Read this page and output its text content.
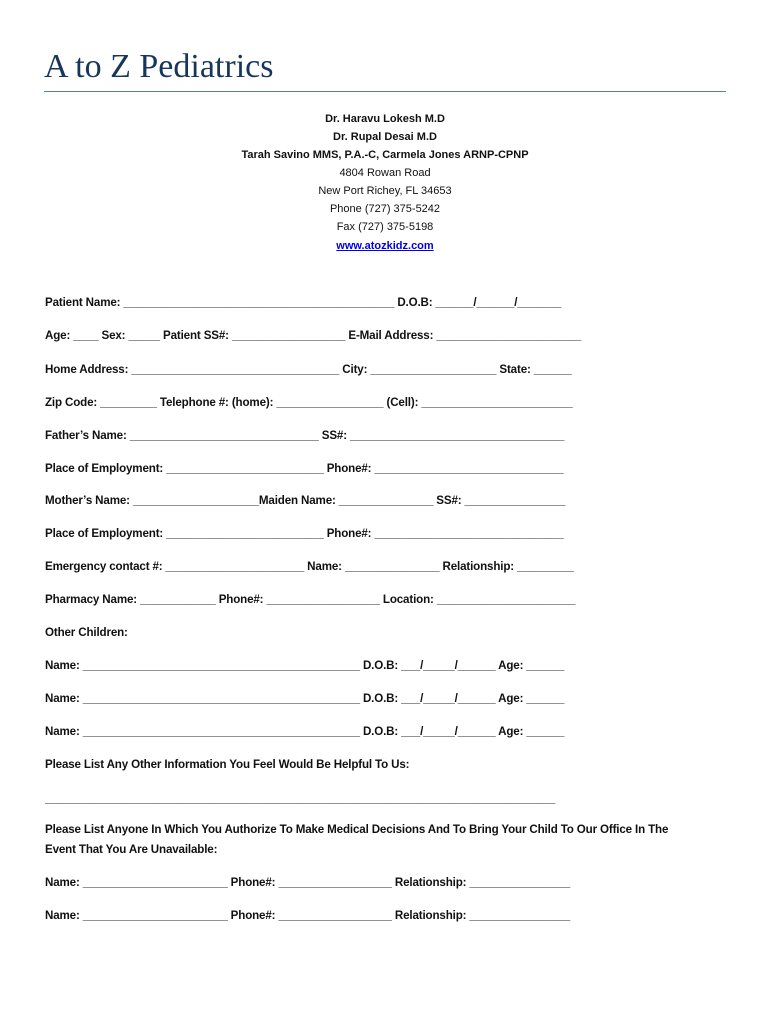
A to Z Pediatrics
Dr. Haravu Lokesh M.D
Dr. Rupal Desai M.D
Tarah Savino MMS, P.A.-C, Carmela Jones ARNP-CPNP
4804 Rowan Road
New Port Richey, FL 34653
Phone (727) 375-5242
Fax (727) 375-5198
www.atozkidz.com
Patient Name: ___________________________________________ D.O.B: ______/______/_______
Age: ____ Sex: _____ Patient SS#: __________________ E-Mail Address: _______________________
Home Address: _________________________________ City: ____________________ State: ______
Zip Code: _________ Telephone #: (home): _________________ (Cell): ________________________
Father’s Name: ______________________________ SS#: __________________________________
Place of Employment: _________________________ Phone#: ______________________________
Mother’s Name: ____________________Maiden Name: _______________ SS#: ________________
Place of Employment: _________________________ Phone#: ______________________________
Emergency contact #: ______________________ Name: _______________ Relationship: _________
Pharmacy Name: ____________ Phone#: __________________ Location: ______________________
Other Children:
Name: ____________________________________________ D.O.B: ___/_____/______ Age: ______
Name: ____________________________________________ D.O.B: ___/_____/______ Age: ______
Name: ____________________________________________ D.O.B: ___/_____/______ Age: ______
Please List Any Other Information You Feel Would Be Helpful To Us:
_________________________________________________________________________________
Please List Anyone In Which You Authorize To Make Medical Decisions And To Bring Your Child To Our Office In The
Event That You Are Unavailable:
Name: _______________________ Phone#: __________________ Relationship: ________________
Name: _______________________ Phone#: __________________ Relationship: ________________
